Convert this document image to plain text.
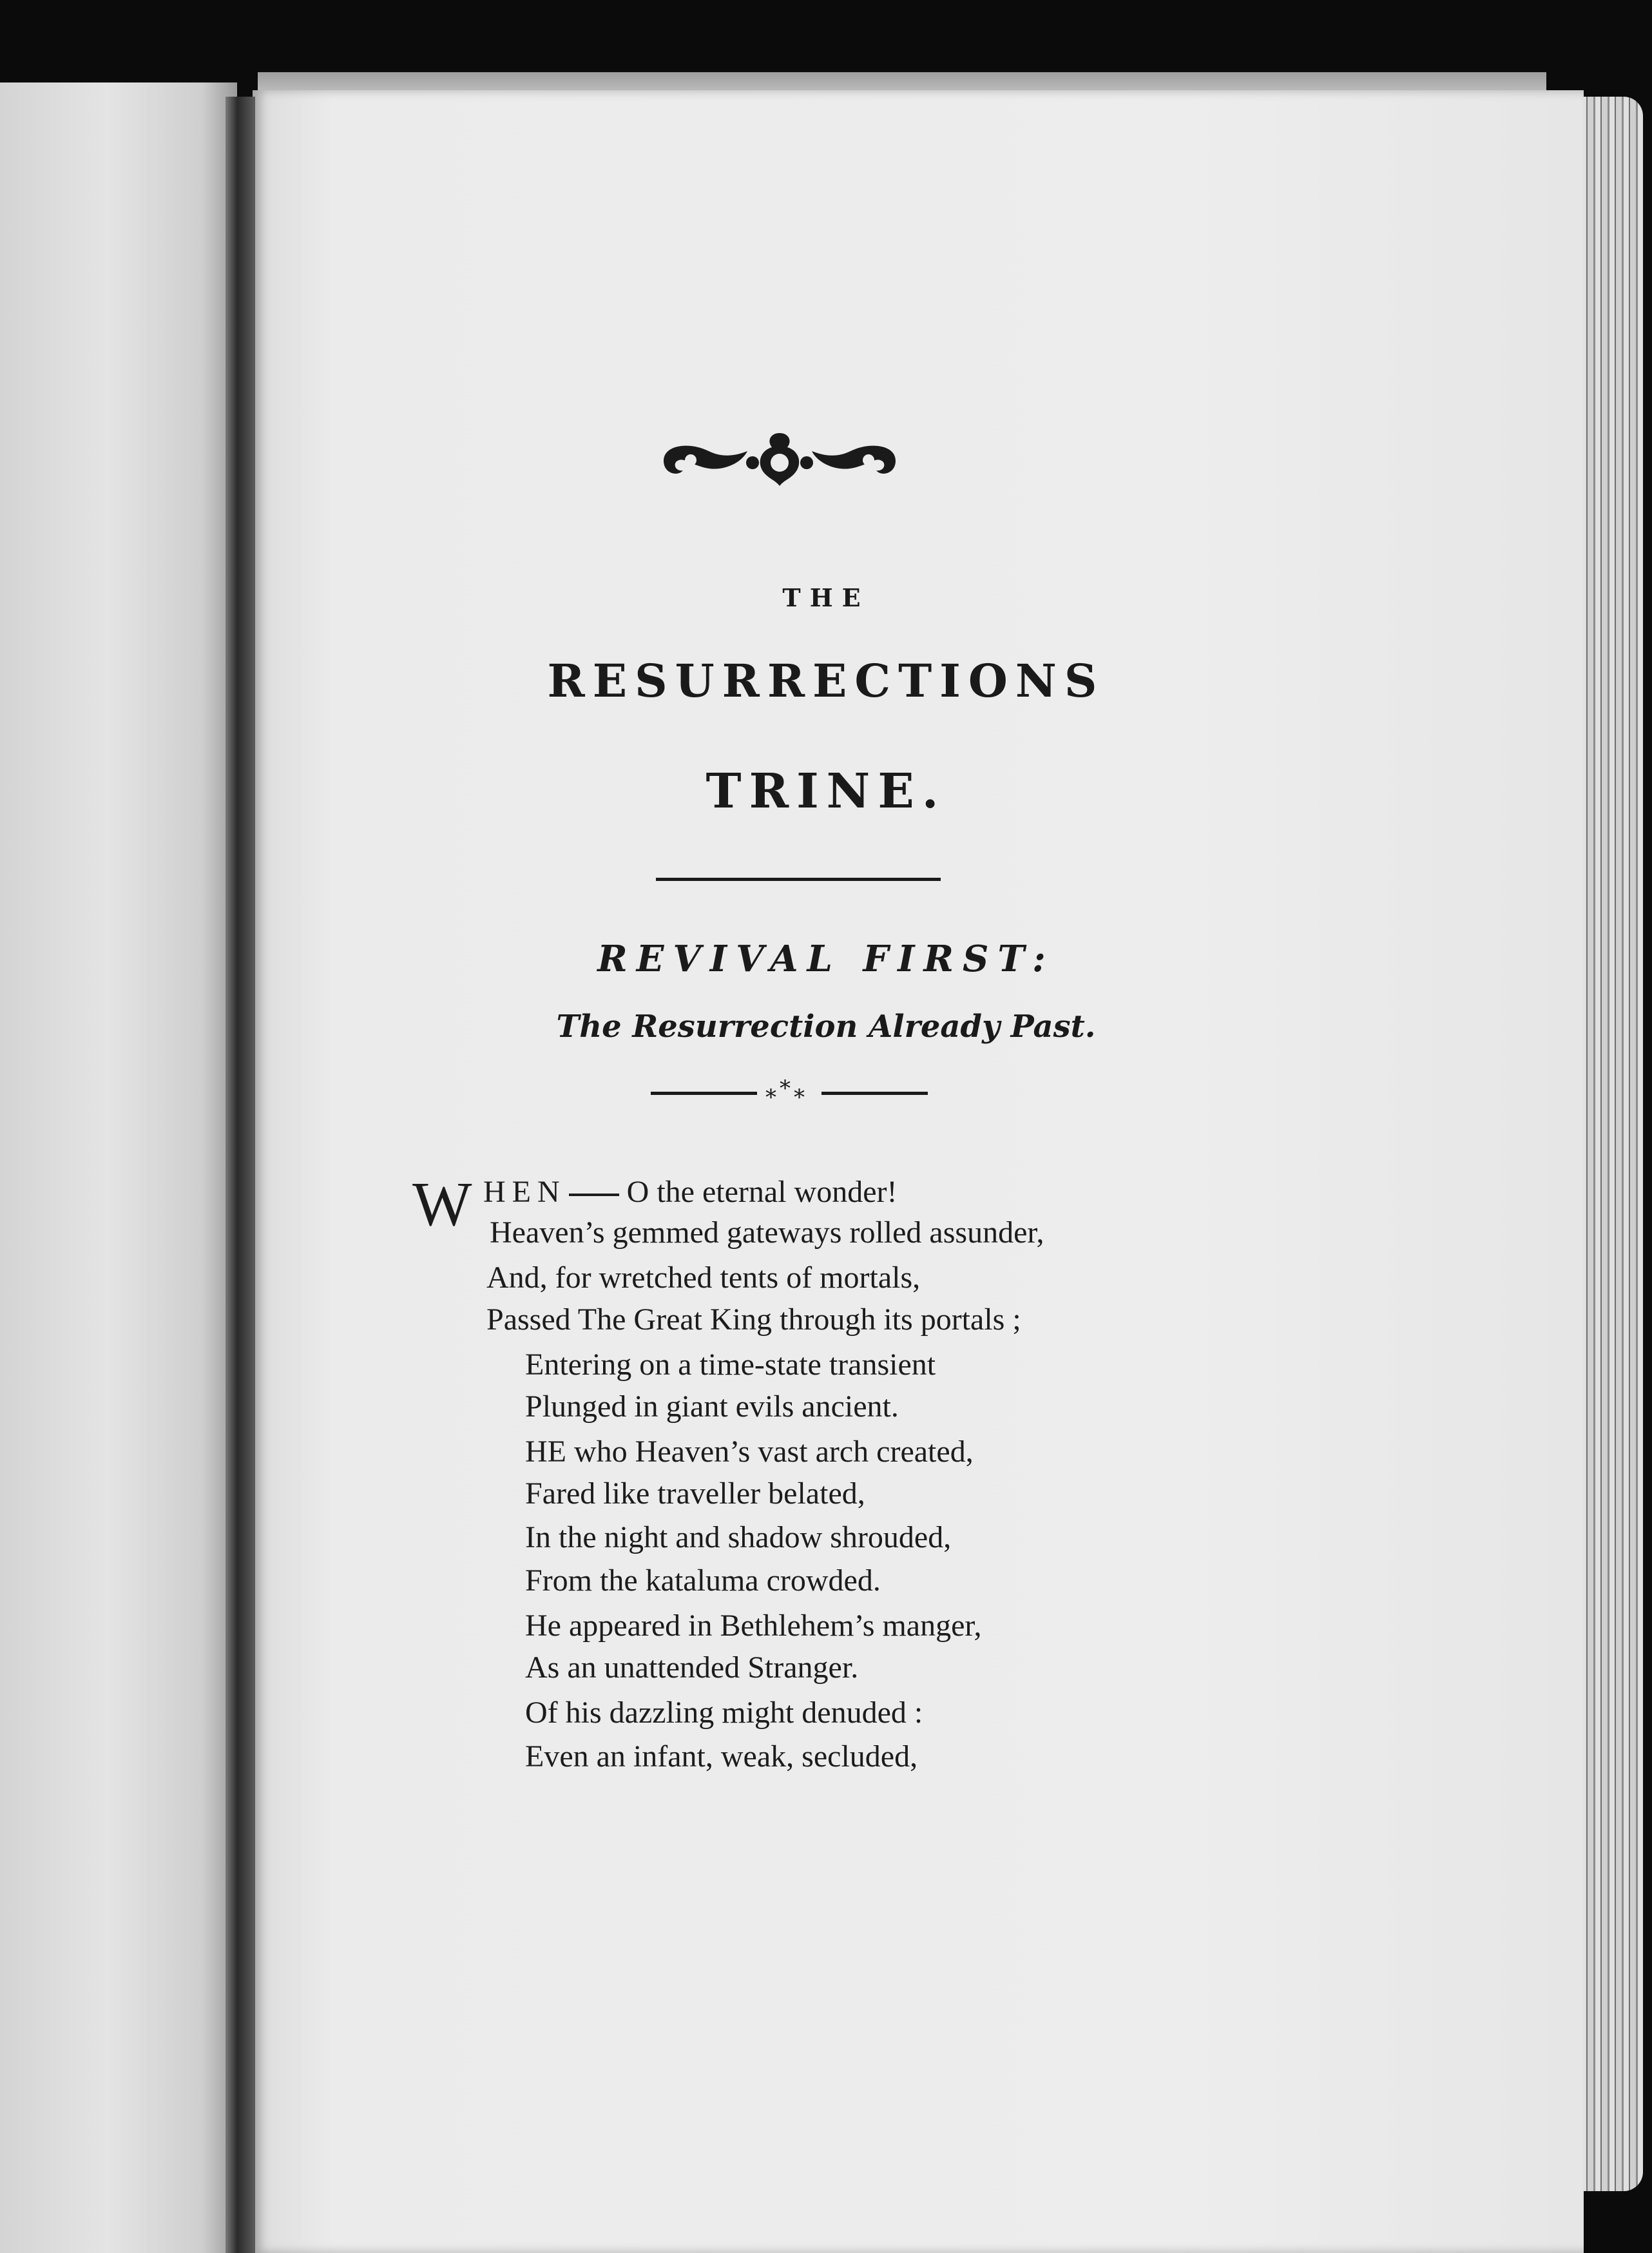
THE
RESURRECTIONS
TRINE.
REVIVAL FIRST:
The Resurrection Already Past.
* * *
W HEN O the eternal wonder!
Heaven’s gemmed gateways rolled assunder,
And, for wretched tents of mortals,
Passed The Great King through its portals ;
Entering on a time-state transient
Plunged in giant evils ancient.
HE who Heaven’s vast arch created,
Fared like traveller belated,
In the night and shadow shrouded,
From the kataluma crowded.
He appeared in Bethlehem’s manger,
As an unattended Stranger.
Of his dazzling might denuded :
Even an infant, weak, secluded,
